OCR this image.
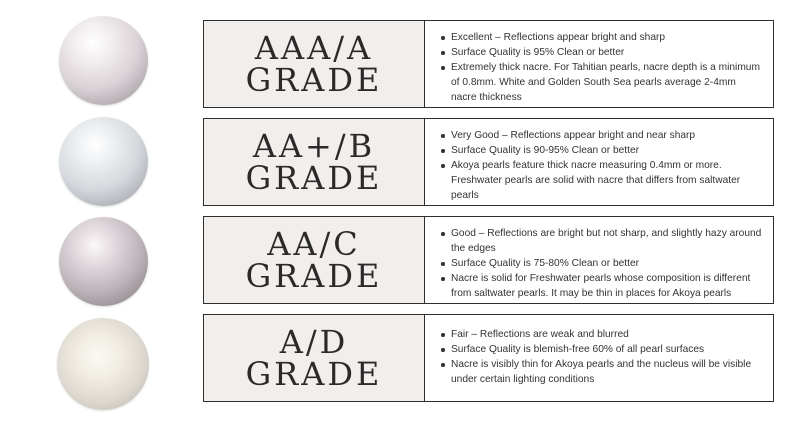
AAA/A
GRADE
Excellent – Reflections appear bright and sharp
Surface Quality is 95% Clean or better
Extremely thick nacre. For Tahitian pearls, nacre depth is a minimum of 0.8mm. White and Golden South Sea pearls average 2-4mm nacre thickness
AA+/B
GRADE
Very Good – Reflections appear bright and near sharp
Surface Quality is 90-95% Clean or better
Akoya pearls feature thick nacre measuring 0.4mm or more. Freshwater pearls are solid with nacre that differs from saltwater pearls
AA/C
GRADE
Good – Reflections are bright but not sharp, and slightly hazy around the edges
Surface Quality is 75-80% Clean or better
Nacre is solid for Freshwater pearls whose composition is different from saltwater pearls. It may be thin in places for Akoya pearls
A/D
GRADE
Fair – Reflections are weak and blurred
Surface Quality is blemish-free 60% of all pearl surfaces
Nacre is visibly thin for Akoya pearls and the nucleus will be visible under certain lighting conditions
